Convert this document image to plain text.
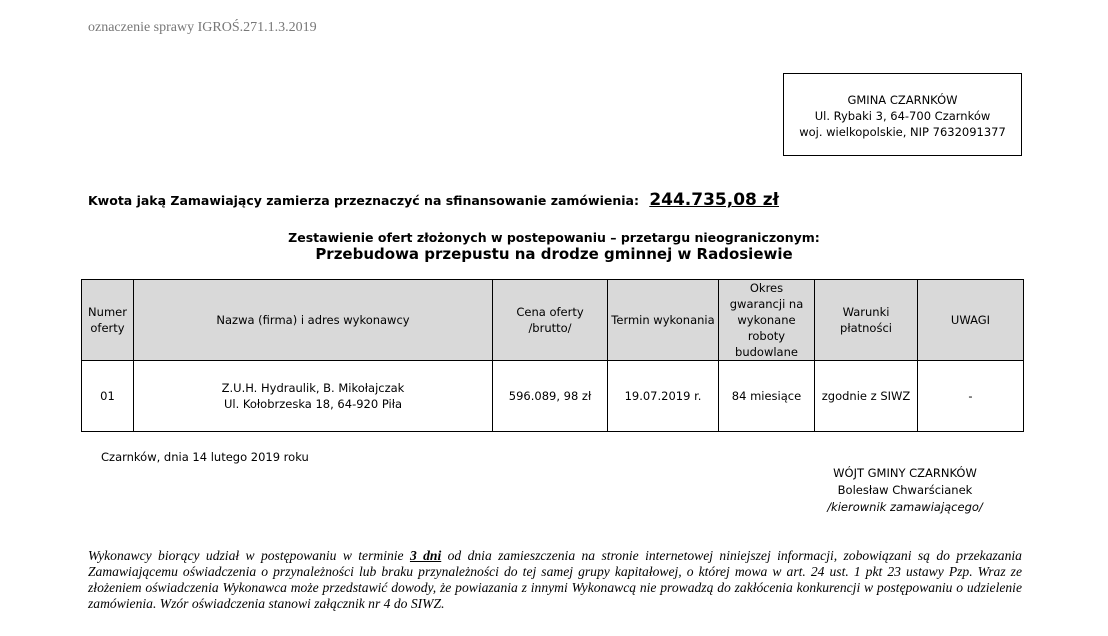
oznaczenie sprawy IGROŚ.271.1.3.2019
GMINA CZARNKÓW
Ul. Rybaki 3, 64-700 Czarnków
woj. wielkopolskie, NIP 7632091377
Kwota jaką Zamawiający zamierza przeznaczyć na sfinansowanie zamówienia: 244.735,08 zł
Zestawienie ofert złożonych w postepowaniu – przetargu nieograniczonym:
Przebudowa przepustu na drodze gminnej w Radosiewie
Numer oferty	Nazwa (firma) i adres wykonawcy	Cena oferty /brutto/	Termin wykonania	Okres gwarancji na wykonane roboty budowlane	Warunki płatności	UWAGI
01	Z.U.H. Hydraulik, B. Mikołajczak
Ul. Kołobrzeska 18, 64-920 Piła	596.089, 98 zł	19.07.2019 r.	84 miesiące	zgodnie z SIWZ	-
Czarnków, dnia 14 lutego 2019 roku
WÓJT GMINY CZARNKÓW
Bolesław Chwarścianek
/kierownik zamawiającego/
Wykonawcy biorący udział w postępowaniu w terminie 3 dni od dnia zamieszczenia na stronie internetowej niniejszej informacji, zobowiązani są do przekazania Zamawiającemu oświadczenia o przynależności lub braku przynależności do tej samej grupy kapitałowej, o której mowa w art. 24 ust. 1 pkt 23 ustawy Pzp. Wraz ze złożeniem oświadczenia Wykonawca może przedstawić dowody, że powiazania z innymi Wykonawcą nie prowadzą do zakłócenia konkurencji w postępowaniu o udzielenie zamówienia. Wzór oświadczenia stanowi załącznik nr 4 do SIWZ.
